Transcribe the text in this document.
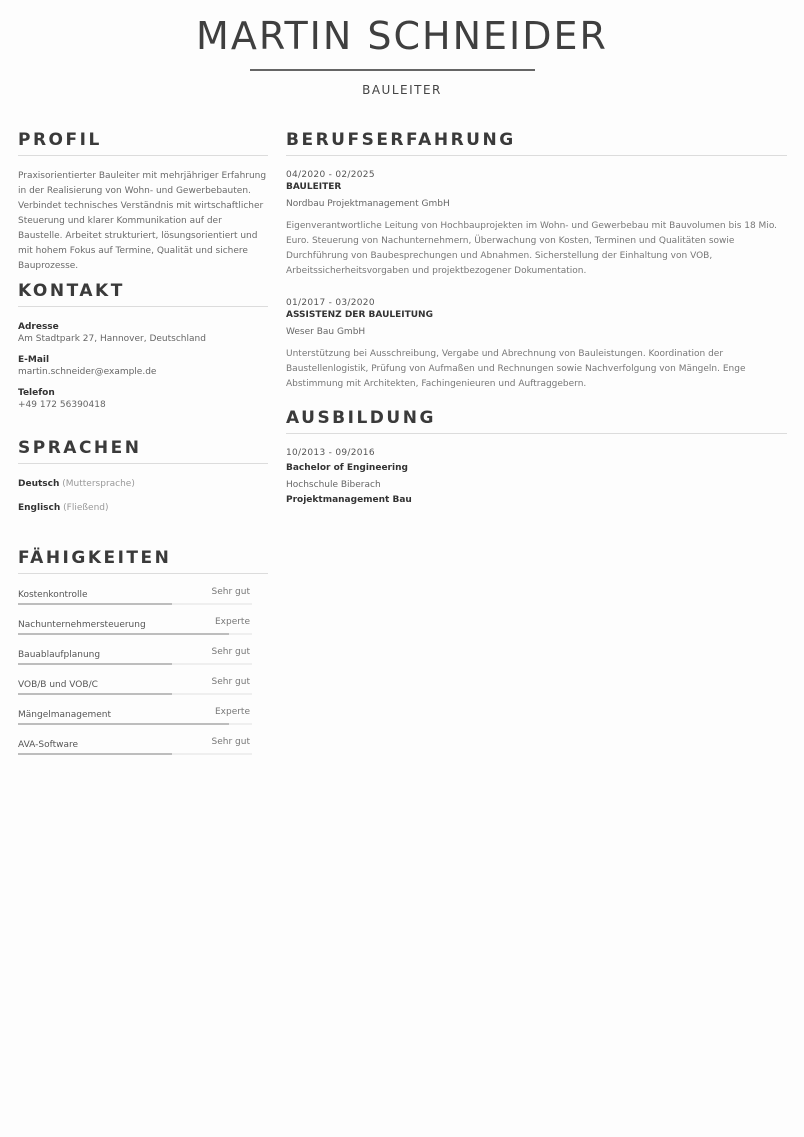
MARTIN SCHNEIDER
BAULEITER
PROFIL
Praxisorientierter Bauleiter mit mehrjähriger Erfahrung in der Realisierung von Wohn- und Gewerbebauten. Verbindet technisches Verständnis mit wirtschaftlicher Steuerung und klarer Kommunikation auf der Baustelle. Arbeitet strukturiert, lösungsorientiert und mit hohem Fokus auf Termine, Qualität und sichere Bauprozesse.
KONTAKT
Adresse
Am Stadtpark 27, Hannover, Deutschland
E-Mail
martin.schneider@example.de
Telefon
+49 172 56390418
SPRACHEN
Deutsch (Muttersprache)
Englisch (Fließend)
FÄHIGKEITEN
Kostenkontrolle	Sehr gut
Nachunternehmersteuerung	Experte
Bauablaufplanung	Sehr gut
VOB/B und VOB/C	Sehr gut
Mängelmanagement	Experte
AVA-Software	Sehr gut
BERUFSERFAHRUNG
04/2020 - 02/2025
BAULEITER
Nordbau Projektmanagement GmbH
Eigenverantwortliche Leitung von Hochbauprojekten im Wohn- und Gewerbebau mit Bauvolumen bis 18 Mio. Euro. Steuerung von Nachunternehmern, Überwachung von Kosten, Terminen und Qualitäten sowie Durchführung von Baubesprechungen und Abnahmen. Sicherstellung der Einhaltung von VOB, Arbeitssicherheitsvorgaben und projektbezogener Dokumentation.
01/2017 - 03/2020
ASSISTENZ DER BAULEITUNG
Weser Bau GmbH
Unterstützung bei Ausschreibung, Vergabe und Abrechnung von Bauleistungen. Koordination der Baustellenlogistik, Prüfung von Aufmaßen und Rechnungen sowie Nachverfolgung von Mängeln. Enge Abstimmung mit Architekten, Fachingenieuren und Auftraggebern.
AUSBILDUNG
10/2013 - 09/2016
Bachelor of Engineering
Hochschule Biberach
Projektmanagement Bau
